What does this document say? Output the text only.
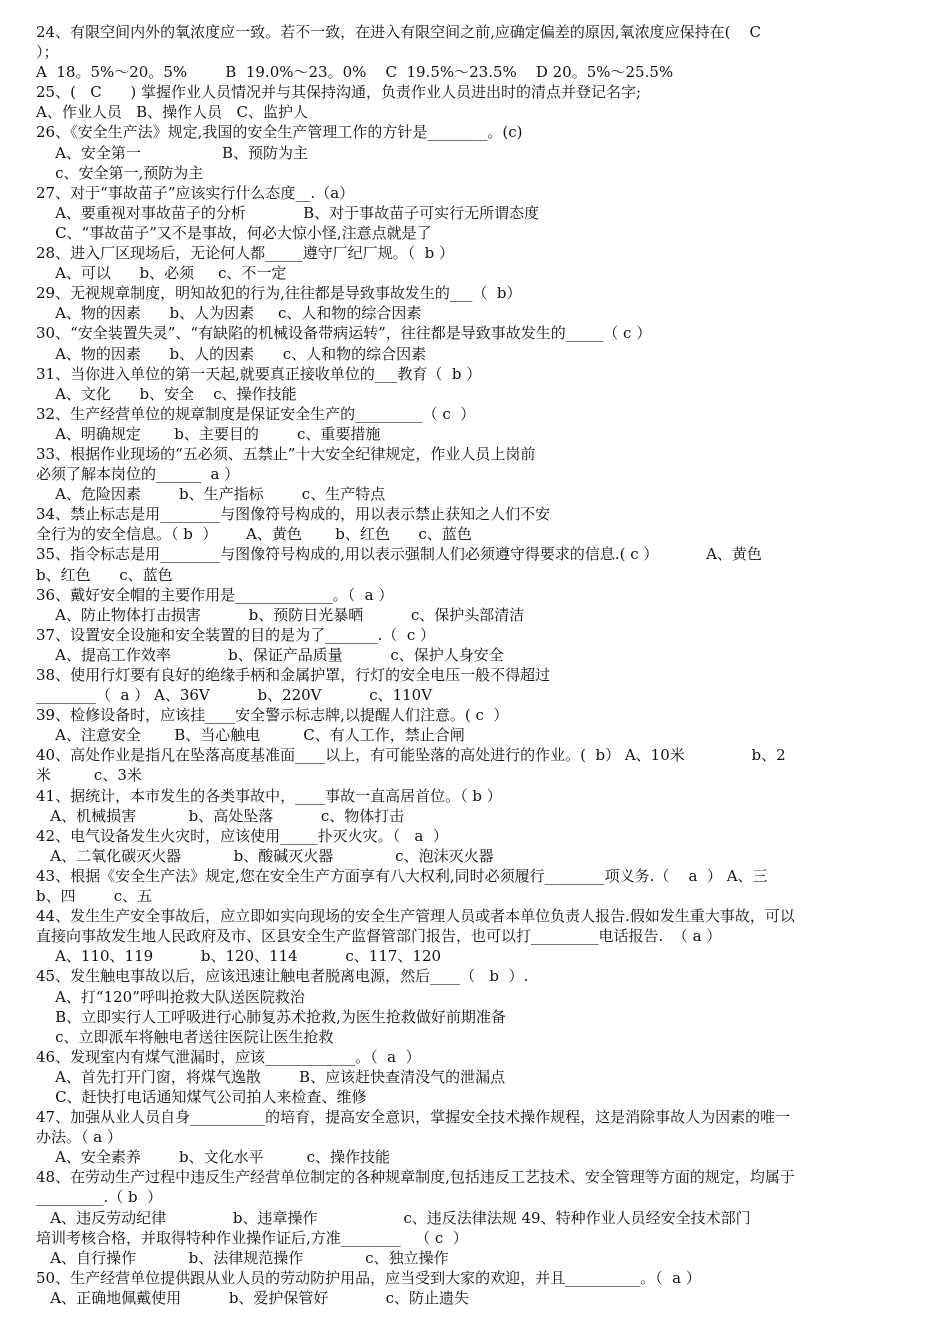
24、有限空间内外的氧浓度应一致。若不一致，在进入有限空间之前,应确定偏差的原因,氧浓度应保持在(    C
）；
A  18。5%～20。5%        B  19.0%～23。0%    C  19.5%～23.5%    D 20。5%～25.5%
25、(   C      ) 掌握作业人员情况并与其保持沟通，负责作业人员进出时的清点并登记名字;
A、作业人员   B、操作人员   C、监护人
26、《安全生产法》规定,我国的安全生产管理工作的方针是________。(c)
A、安全第一                 B、预防为主
c、安全第一,预防为主
27、对于“事故苗子”应该实行什么态度__.（a）
A、要重视对事故苗子的分析            B、对于事故苗子可实行无所谓态度
C、“事故苗子”又不是事故，何必大惊小怪,注意点就是了
28、进入厂区现场后，无论何人都_____遵守厂纪厂规。（  b ）
A、可以      b、必须     c、不一定
29、无视规章制度，明知故犯的行为,往往都是导致事故发生的___（  b）
A、物的因素      b、人为因素     c、人和物的综合因素
30、“安全装置失灵”、“有缺陷的机械设备带病运转”，往往都是导致事故发生的_____（ c ）
A、物的因素      b、人的因素      c、人和物的综合因素
31、当你进入单位的第一天起,就要真正接收单位的___教育（  b ）
A、文化      b、安全    c、操作技能
32、生产经营单位的规章制度是保证安全生产的_________（ c  ）
A、明确规定       b、主要目的        c、重要措施
33、根据作业现场的“五必须、五禁止”十大安全纪律规定，作业人员上岗前
必须了解本岗位的______  a ）
A、危险因素        b、生产指标        c、生产特点
34、禁止标志是用________与图像符号构成的，用以表示禁止获知之人们不安
全行为的安全信息。（ b  ）      A、黄色       b、红色      c、蓝色
35、指令标志是用________与图像符号构成的,用以表示强制人们必须遵守得要求的信息.( c ）          A、黄色
b、红色      c、蓝色
36、戴好安全帽的主要作用是_____________。（  a ）
A、防止物体打击损害          b、预防日光暴晒          c、保护头部清洁
37、设置安全设施和安全装置的目的是为了_______.（  c ）
A、提高工作效率            b、保证产品质量          c、保护人身安全
38、使用行灯要有良好的绝缘手柄和金属护罩，行灯的安全电压一般不得超过
________（  a ） A、36V          b、220V          c、110V
39、检修设备时，应该挂____安全警示标志牌,以提醒人们注意。( c  ）
A、注意安全       B、当心触电         C、有人工作，禁止合闸
40、高处作业是指凡在坠落高度基准面____以上，有可能坠落的高处进行的作业。(  b） A、10米              b、2
米         c、3米
41、据统计，本市发生的各类事故中，____事故一直高居首位。（ b ）
A、机械损害           b、高处坠落          c、物体打击
42、电气设备发生火灾时，应该使用_____扑灭火灾。（   a  ）
A、二氧化碳灭火器           b、酸碱灭火器             c、泡沫灭火器
43、根据《安全生产法》规定,您在安全生产方面享有八大权利,同时必须履行________项义务.（    a  ） A、三
b、四        c、五
44、发生生产安全事故后，应立即如实向现场的安全生产管理人员或者本单位负责人报告.假如发生重大事故，可以
直接向事故发生地人民政府及市、区县安全生产监督管部门报告，也可以打_________电话报告.  （ a ）
A、110、119          b、120、114          c、117、120
45、发生触电事故以后，应该迅速让触电者脱离电源，然后____（   b  ）.
A、打“120”呼叫抢救大队送医院救治
B、立即实行人工呼吸进行心肺复苏术抢救,为医生抢救做好前期准备
c、立即派车将触电者送往医院让医生抢救
46、发现室内有煤气泄漏时，应该____________。（  a  ）
A、首先打开门窗，将煤气逸散        B、应该赶快查清没气的泄漏点
C、赶快打电话通知煤气公司拍人来检查、维修
47、加强从业人员自身__________的培育，提高安全意识，掌握安全技术操作规程，这是消除事故人为因素的唯一
办法。（ a ）
A、安全素养        b、文化水平         c、操作技能
48、在劳动生产过程中违反生产经营单位制定的各种规章制度,包括违反工艺技术、安全管理等方面的规定，均属于
_________.（ b  ）
A、违反劳动纪律              b、违章操作                  c、违反法律法规 49、特种作业人员经安全技术部门
培训考核合格，并取得特种作业操作证后,方准________   （ c  ）
A、自行操作           b、法律规范操作             c、独立操作
50、生产经营单位提供跟从业人员的劳动防护用品，应当受到大家的欢迎，并且__________。（  a ）
A、正确地佩戴使用          b、爱护保管好            c、防止遗失
